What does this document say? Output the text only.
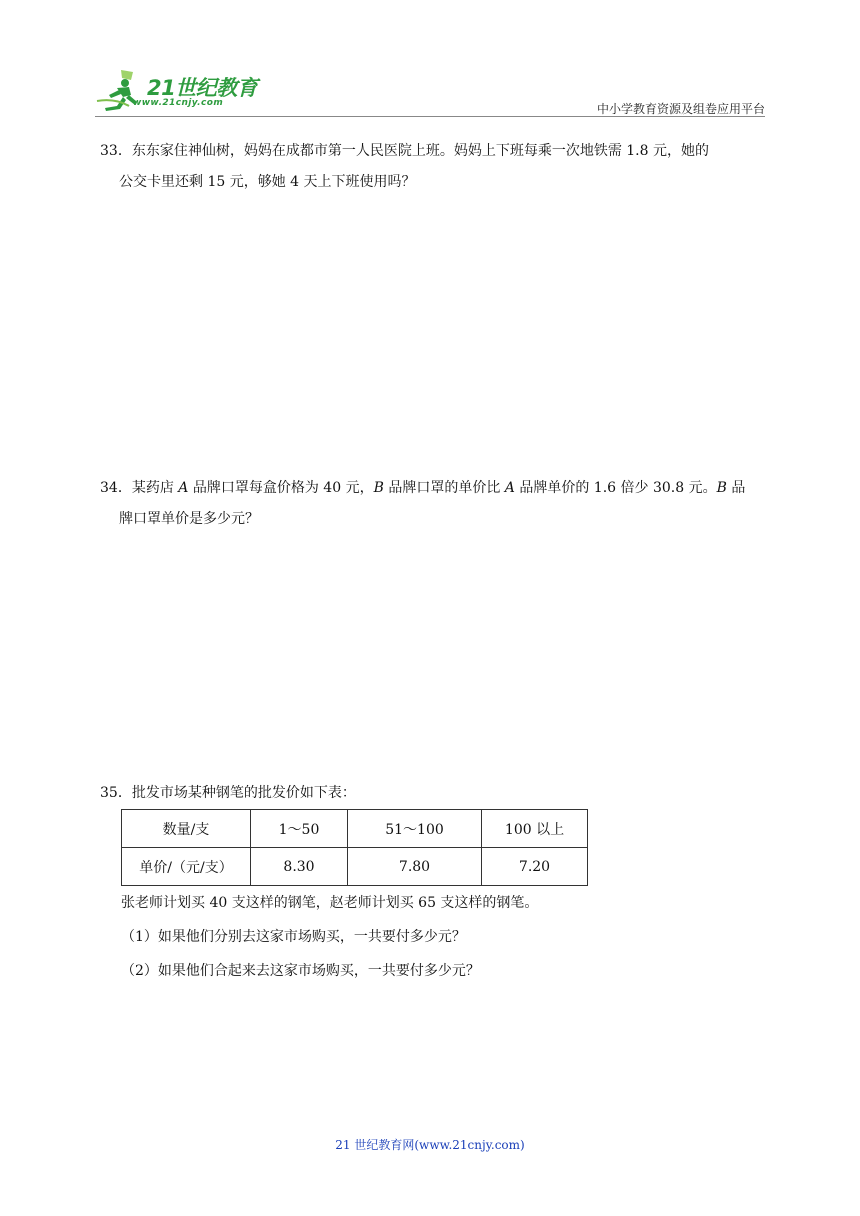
21世纪教育
www.21cnjy.com	中小学教育资源及组卷应用平台

33．东东家住神仙树，妈妈在成都市第一人民医院上班。妈妈上下班每乘一次地铁需 1.8 元，她的

公交卡里还剩 15 元，够她 4 天上下班使用吗？

34．某药店 A 品牌口罩每盒价格为 40 元，B 品牌口罩的单价比 A 品牌单价的 1.6 倍少 30.8 元。B 品

牌口罩单价是多少元？

35．批发市场某种钢笔的批发价如下表：

数量/支	1～50	51～100	100 以上
单价/（元/支）	8.30	7.80	7.20
张老师计划买 40 支这样的钢笔，赵老师计划买 65 支这样的钢笔。
（1）如果他们分别去这家市场购买，一共要付多少元？
（2）如果他们合起来去这家市场购买，一共要付多少元？
21 世纪教育网(www.21cnjy.com)
